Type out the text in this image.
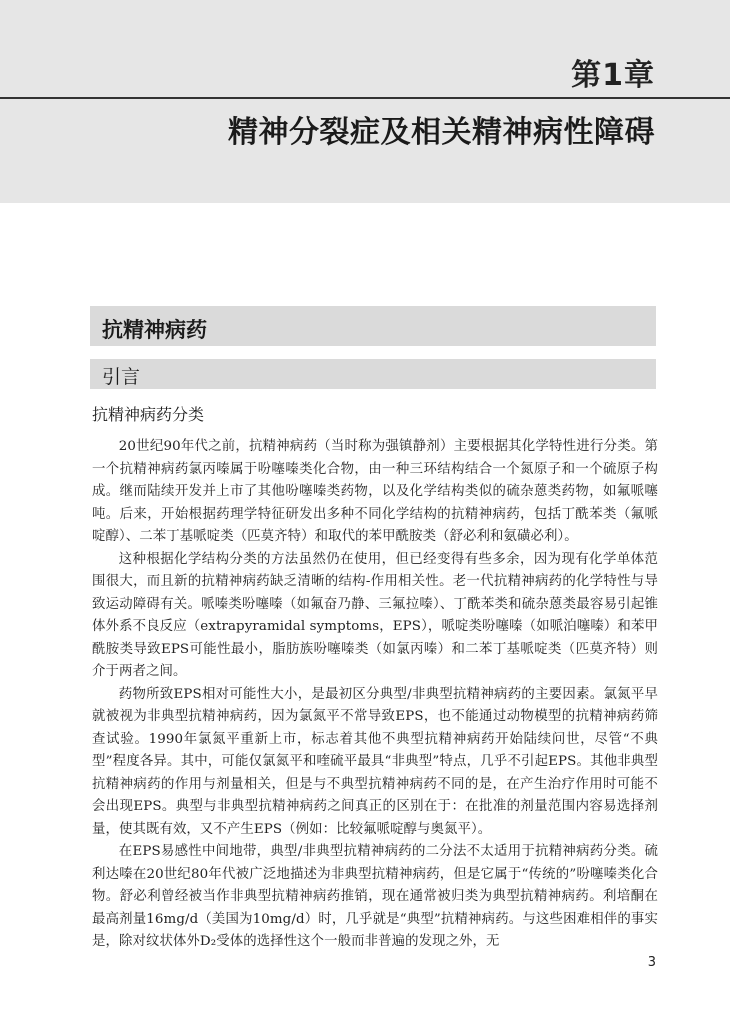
第1章
精神分裂症及相关精神病性障碍
抗精神病药
引言
抗精神病药分类

20世纪90年代之前，抗精神病药（当时称为强镇静剂）主要根据其化学特性进行分类。第一个抗精神病药氯丙嗪属于吩噻嗪类化合物，由一种三环结构结合一个氮原子和一个硫原子构成。继而陆续开发并上市了其他吩噻嗪类药物，以及化学结构类似的硫杂蒽类药物，如氟哌噻吨。后来，开始根据药理学特征研发出多种不同化学结构的抗精神病药，包括丁酰苯类（氟哌啶醇）、二苯丁基哌啶类（匹莫齐特）和取代的苯甲酰胺类（舒必利和氨磺必利）。

这种根据化学结构分类的方法虽然仍在使用，但已经变得有些多余，因为现有化学单体范围很大，而且新的抗精神病药缺乏清晰的结构-作用相关性。老一代抗精神病药的化学特性与导致运动障碍有关。哌嗪类吩噻嗪（如氟奋乃静、三氟拉嗪）、丁酰苯类和硫杂蒽类最容易引起锥体外系不良反应（extrapyramidal symptoms，EPS），哌啶类吩噻嗪（如哌泊噻嗪）和苯甲酰胺类导致EPS可能性最小，脂肪族吩噻嗪类（如氯丙嗪）和二苯丁基哌啶类（匹莫齐特）则介于两者之间。

药物所致EPS相对可能性大小，是最初区分典型/非典型抗精神病药的主要因素。氯氮平早就被视为非典型抗精神病药，因为氯氮平不常导致EPS，也不能通过动物模型的抗精神病药筛查试验。1990年氯氮平重新上市，标志着其他不典型抗精神病药开始陆续问世，尽管“不典型”程度各异。其中，可能仅氯氮平和喹硫平最具“非典型”特点，几乎不引起EPS。其他非典型抗精神病药的作用与剂量相关，但是与不典型抗精神病药不同的是，在产生治疗作用时可能不会出现EPS。典型与非典型抗精神病药之间真正的区别在于：在批准的剂量范围内容易选择剂量，使其既有效，又不产生EPS（例如：比较氟哌啶醇与奥氮平）。

在EPS易感性中间地带，典型/非典型抗精神病药的二分法不太适用于抗精神病药分类。硫利达嗪在20世纪80年代被广泛地描述为非典型抗精神病药，但是它属于“传统的”吩噻嗪类化合物。舒必利曾经被当作非典型抗精神病药推销，现在通常被归类为典型抗精神病药。利培酮在最高剂量16mg/d（美国为10mg/d）时，几乎就是“典型”抗精神病药。与这些困难相伴的事实是，除对纹状体外D₂受体的选择性这个一般而非普遍的发现之外，无

3
